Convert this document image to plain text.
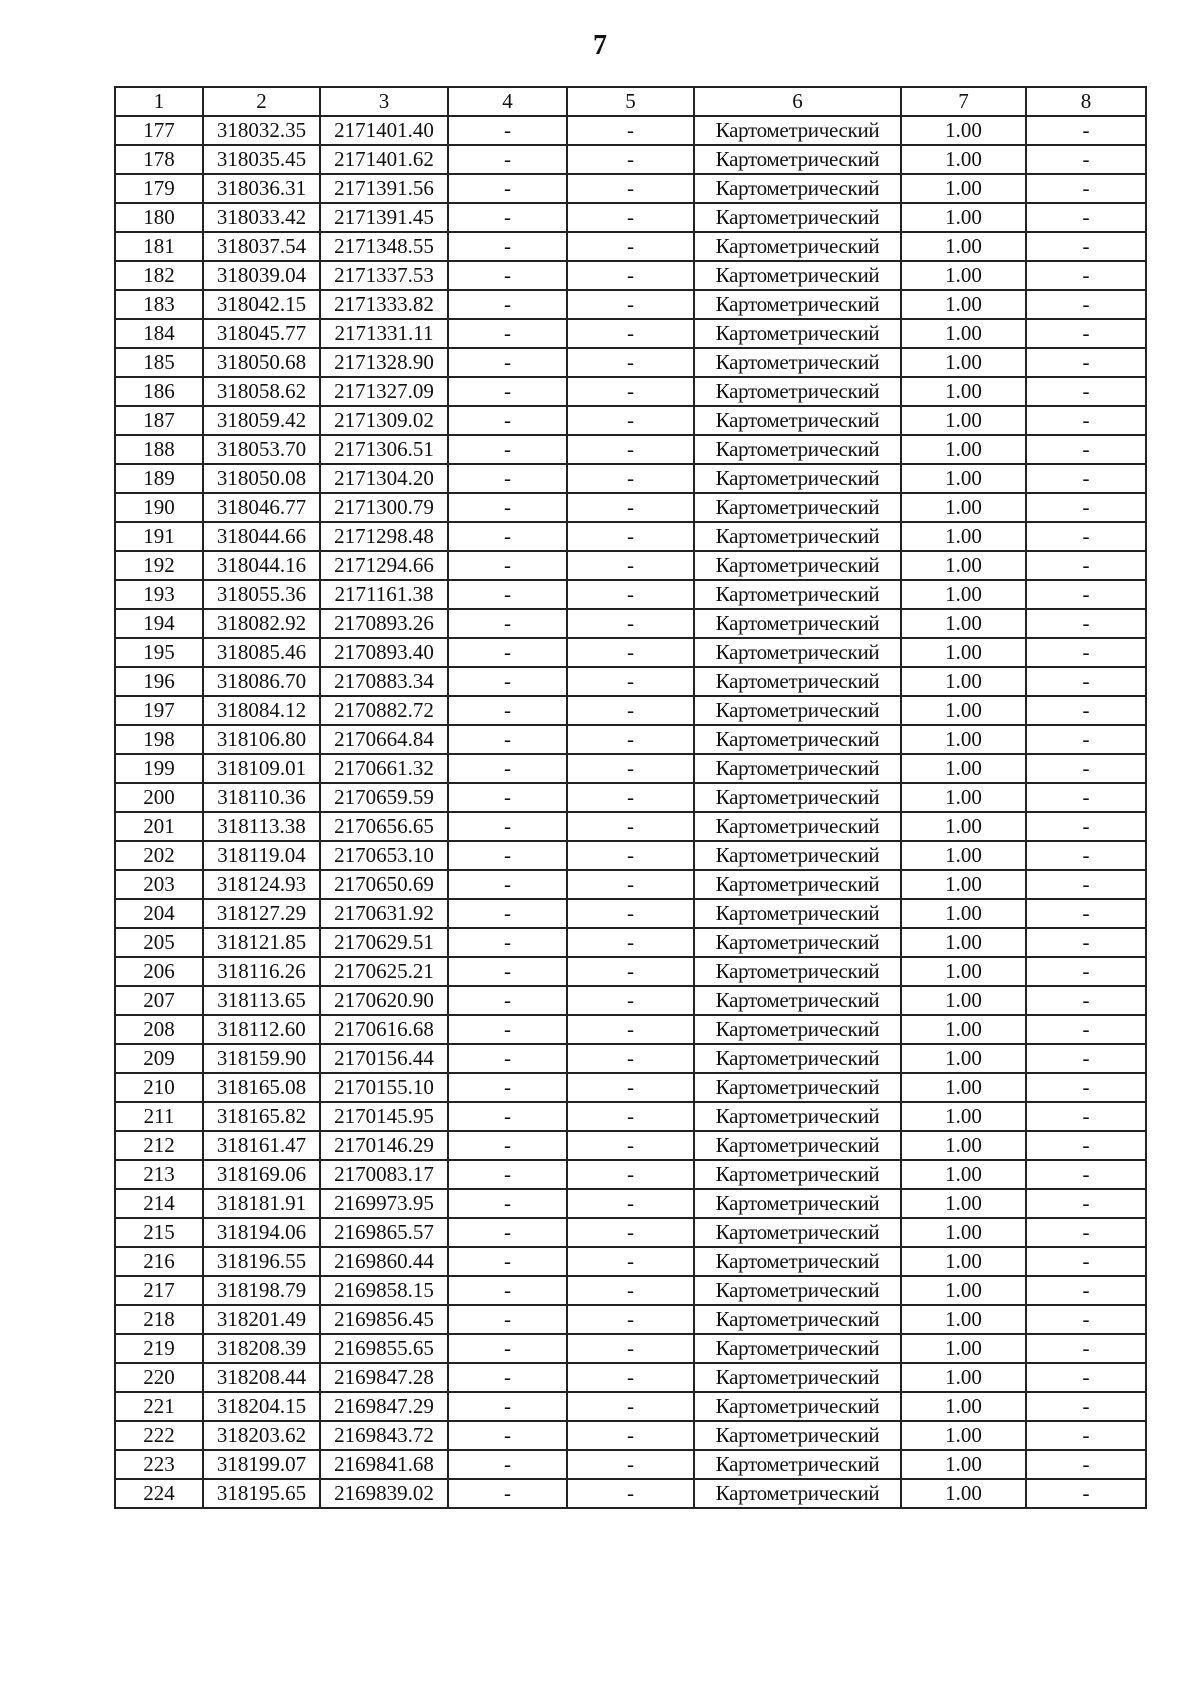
7
1	2	3	4	5	6	7	8
177	318032.35	2171401.40	-	-	Картометрический	1.00	-
178	318035.45	2171401.62	-	-	Картометрический	1.00	-
179	318036.31	2171391.56	-	-	Картометрический	1.00	-
180	318033.42	2171391.45	-	-	Картометрический	1.00	-
181	318037.54	2171348.55	-	-	Картометрический	1.00	-
182	318039.04	2171337.53	-	-	Картометрический	1.00	-
183	318042.15	2171333.82	-	-	Картометрический	1.00	-
184	318045.77	2171331.11	-	-	Картометрический	1.00	-
185	318050.68	2171328.90	-	-	Картометрический	1.00	-
186	318058.62	2171327.09	-	-	Картометрический	1.00	-
187	318059.42	2171309.02	-	-	Картометрический	1.00	-
188	318053.70	2171306.51	-	-	Картометрический	1.00	-
189	318050.08	2171304.20	-	-	Картометрический	1.00	-
190	318046.77	2171300.79	-	-	Картометрический	1.00	-
191	318044.66	2171298.48	-	-	Картометрический	1.00	-
192	318044.16	2171294.66	-	-	Картометрический	1.00	-
193	318055.36	2171161.38	-	-	Картометрический	1.00	-
194	318082.92	2170893.26	-	-	Картометрический	1.00	-
195	318085.46	2170893.40	-	-	Картометрический	1.00	-
196	318086.70	2170883.34	-	-	Картометрический	1.00	-
197	318084.12	2170882.72	-	-	Картометрический	1.00	-
198	318106.80	2170664.84	-	-	Картометрический	1.00	-
199	318109.01	2170661.32	-	-	Картометрический	1.00	-
200	318110.36	2170659.59	-	-	Картометрический	1.00	-
201	318113.38	2170656.65	-	-	Картометрический	1.00	-
202	318119.04	2170653.10	-	-	Картометрический	1.00	-
203	318124.93	2170650.69	-	-	Картометрический	1.00	-
204	318127.29	2170631.92	-	-	Картометрический	1.00	-
205	318121.85	2170629.51	-	-	Картометрический	1.00	-
206	318116.26	2170625.21	-	-	Картометрический	1.00	-
207	318113.65	2170620.90	-	-	Картометрический	1.00	-
208	318112.60	2170616.68	-	-	Картометрический	1.00	-
209	318159.90	2170156.44	-	-	Картометрический	1.00	-
210	318165.08	2170155.10	-	-	Картометрический	1.00	-
211	318165.82	2170145.95	-	-	Картометрический	1.00	-
212	318161.47	2170146.29	-	-	Картометрический	1.00	-
213	318169.06	2170083.17	-	-	Картометрический	1.00	-
214	318181.91	2169973.95	-	-	Картометрический	1.00	-
215	318194.06	2169865.57	-	-	Картометрический	1.00	-
216	318196.55	2169860.44	-	-	Картометрический	1.00	-
217	318198.79	2169858.15	-	-	Картометрический	1.00	-
218	318201.49	2169856.45	-	-	Картометрический	1.00	-
219	318208.39	2169855.65	-	-	Картометрический	1.00	-
220	318208.44	2169847.28	-	-	Картометрический	1.00	-
221	318204.15	2169847.29	-	-	Картометрический	1.00	-
222	318203.62	2169843.72	-	-	Картометрический	1.00	-
223	318199.07	2169841.68	-	-	Картометрический	1.00	-
224	318195.65	2169839.02	-	-	Картометрический	1.00	-
